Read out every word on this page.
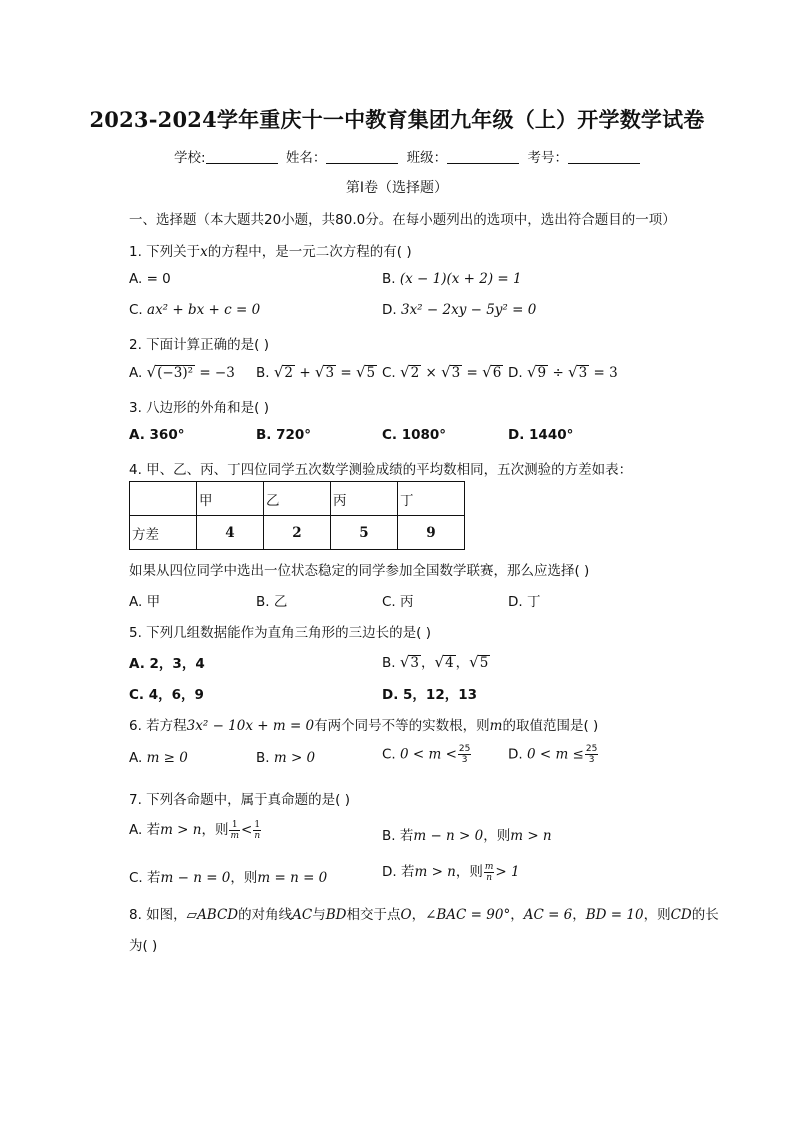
2023-2024学年重庆十一中教育集团九年级（上）开学数学试卷
学校:	姓名：	班级：	考号：
第I卷（选择题）
一、选择题（本大题共20小题，共80.0分。在每小题列出的选项中，选出符合题目的一项）
1. 下列关于x的方程中，是一元二次方程的有( )
A. = 0	B. (x − 1)(x + 2) = 1
C. ax² + bx + c = 0	D. 3x² − 2xy − 5y² = 0
2. 下面计算正确的是( )
A. √(−3)² = −3 B. √2 + √3 = √5 C. √2 × √3 = √6 D. √9 ÷ √3 = 3
3. 八边形的外角和是( )
A. 360°	B. 720°	C. 1080°	D. 1440°
4. 甲、乙、丙、丁四位同学五次数学测验成绩的平均数相同，五次测验的方差如表：
	甲	乙	丙	丁
方差	4	2	5	9
如果从四位同学中选出一位状态稳定的同学参加全国数学联赛，那么应选择( )
A. 甲	B. 乙	C. 丙	D. 丁
5. 下列几组数据能作为直角三角形的三边长的是( )
A. 2，3，4	B. √3 ，√4 ，√5
C. 4，6，9	D. 5，12，13
6. 若方程3x² − 10x + m = 0有两个同号不等的实数根，则m的取值范围是( )
A. m ≥ 0	B. m > 0	C. $0 < m < \frac{25}{3}$	D. $0 < m \le \frac{25}{3}$
7. 下列各命题中，属于真命题的是( )
A. 若m > n，则 $\frac{1}{m} < \frac{1}{n}$	B. 若m − n > 0，则m > n
C. 若m − n = 0，则m = n = 0	D. 若m > n，则 $\frac{m}{n} > 1$
8. 如图，▱ABCD的对角线AC与BD相交于点O，∠BAC = 90°，AC = 6，BD = 10，则CD的长
为( )
